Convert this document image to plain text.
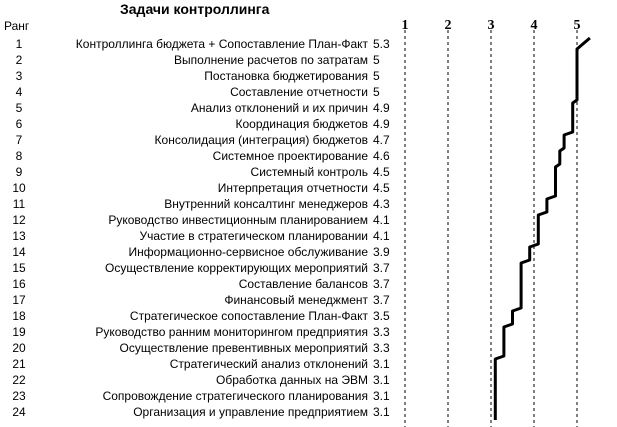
Задачи контроллинга
Ранг
1	Контроллинга бюджета + Сопоставление План-Факт 5.3
2	Выполнение расчетов по затратам 5
3	Постановка бюджетирования 5
4	Составление отчетности 5
5	Анализ отклонений и их причин 4.9
6	Координация бюджетов 4.9
7	Консолидация (интеграция) бюджетов 4.7
8	Системное проектирование 4.6
9	Системный контроль 4.5
10	Интерпретация отчетности 4.5
11	Внутренний консалтинг менеджеров 4.3
12	Руководство инвестиционным планированием 4.1
13	Участие в стратегическом планировании 4.1
14	Информационно-сервисное обслуживание 3.9
15	Осуществление корректирующих мероприятий 3.7
16	Составление балансов 3.7
17	Финансовый менеджмент 3.7
18	Стратегическое сопоставление План-Факт 3.5
19	Руководство ранним мониторингом предприятия 3.3
20	Осуществление превентивных мероприятий 3.3
21	Стратегический анализ отклонений 3.1
22	Обработка данных на ЭВМ 3.1
23	Сопровождение стратегического планирования 3.1
24	Организация и управление предприятием 3.1
1	2	3	4	5
